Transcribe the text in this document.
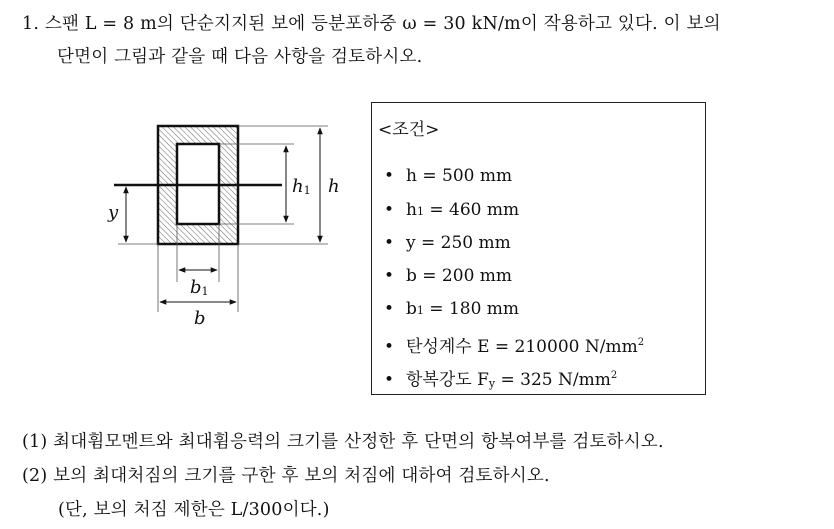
1. 스팬 L = 8 m의 단순지지된 보에 등분포하중 ω = 30 kN/m이 작용하고 있다. 이 보의
단면이 그림과 같을 때 다음 사항을 검토하시오.
h
h1
y
b1
b
<조건>
• h = 500 mm
• h1 = 460 mm
• y = 250 mm
• b = 200 mm
• b1 = 180 mm
• 탄성계수 E = 210000 $N/mm^2$
• 항복강도 $F_y = 325$ $N/mm^2$
(1) 최대휨모멘트와 최대휨응력의 크기를 산정한 후 단면의 항복여부를 검토하시오.
(2) 보의 최대처짐의 크기를 구한 후 보의 처짐에 대하여 검토하시오.
(단, 보의 처짐 제한은 L/300이다.)
